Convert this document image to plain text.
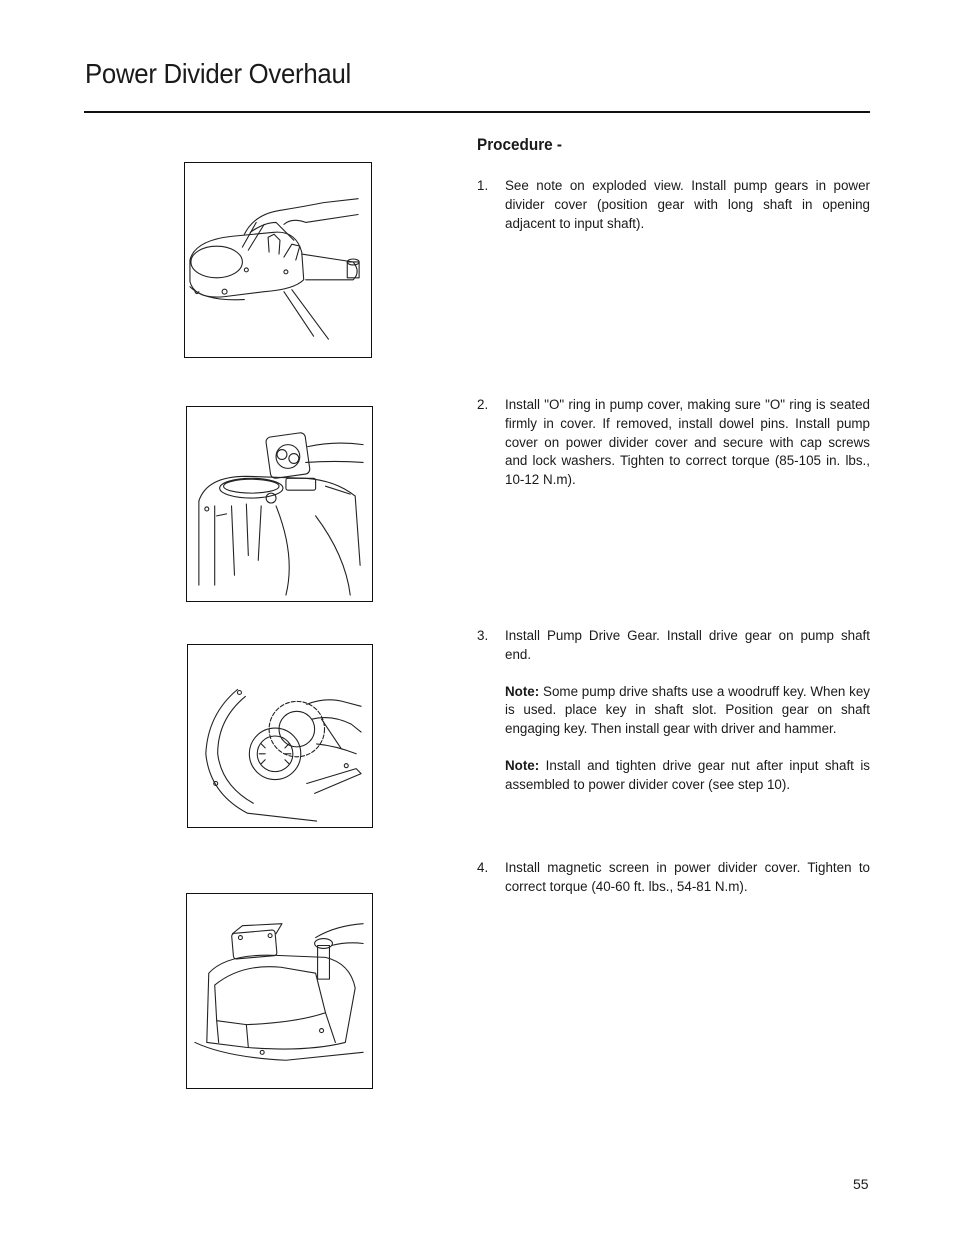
Power Divider Overhaul
Procedure -
1.	See note on exploded view. Install pump gears in power divider cover (position gear with long shaft in opening adjacent to input shaft).
2.	Install "O" ring in pump cover, making sure "O" ring is seated firmly in cover. If removed, install dowel pins. Install pump cover on power divider cover and secure with cap screws and lock washers. Tighten to correct torque (85-105 in. lbs., 10-12 N.m).
3.	Install Pump Drive Gear. Install drive gear on pump shaft end.
Note: Some pump drive shafts use a woodruff key. When key is used. place key in shaft slot. Position gear on shaft engaging key. Then install gear with driver and hammer.
Note: Install and tighten drive gear nut after input shaft is assembled to power divider cover (see step 10).
4.	Install magnetic screen in power divider cover. Tighten to correct torque (40-60 ft. lbs., 54-81 N.m).
55
